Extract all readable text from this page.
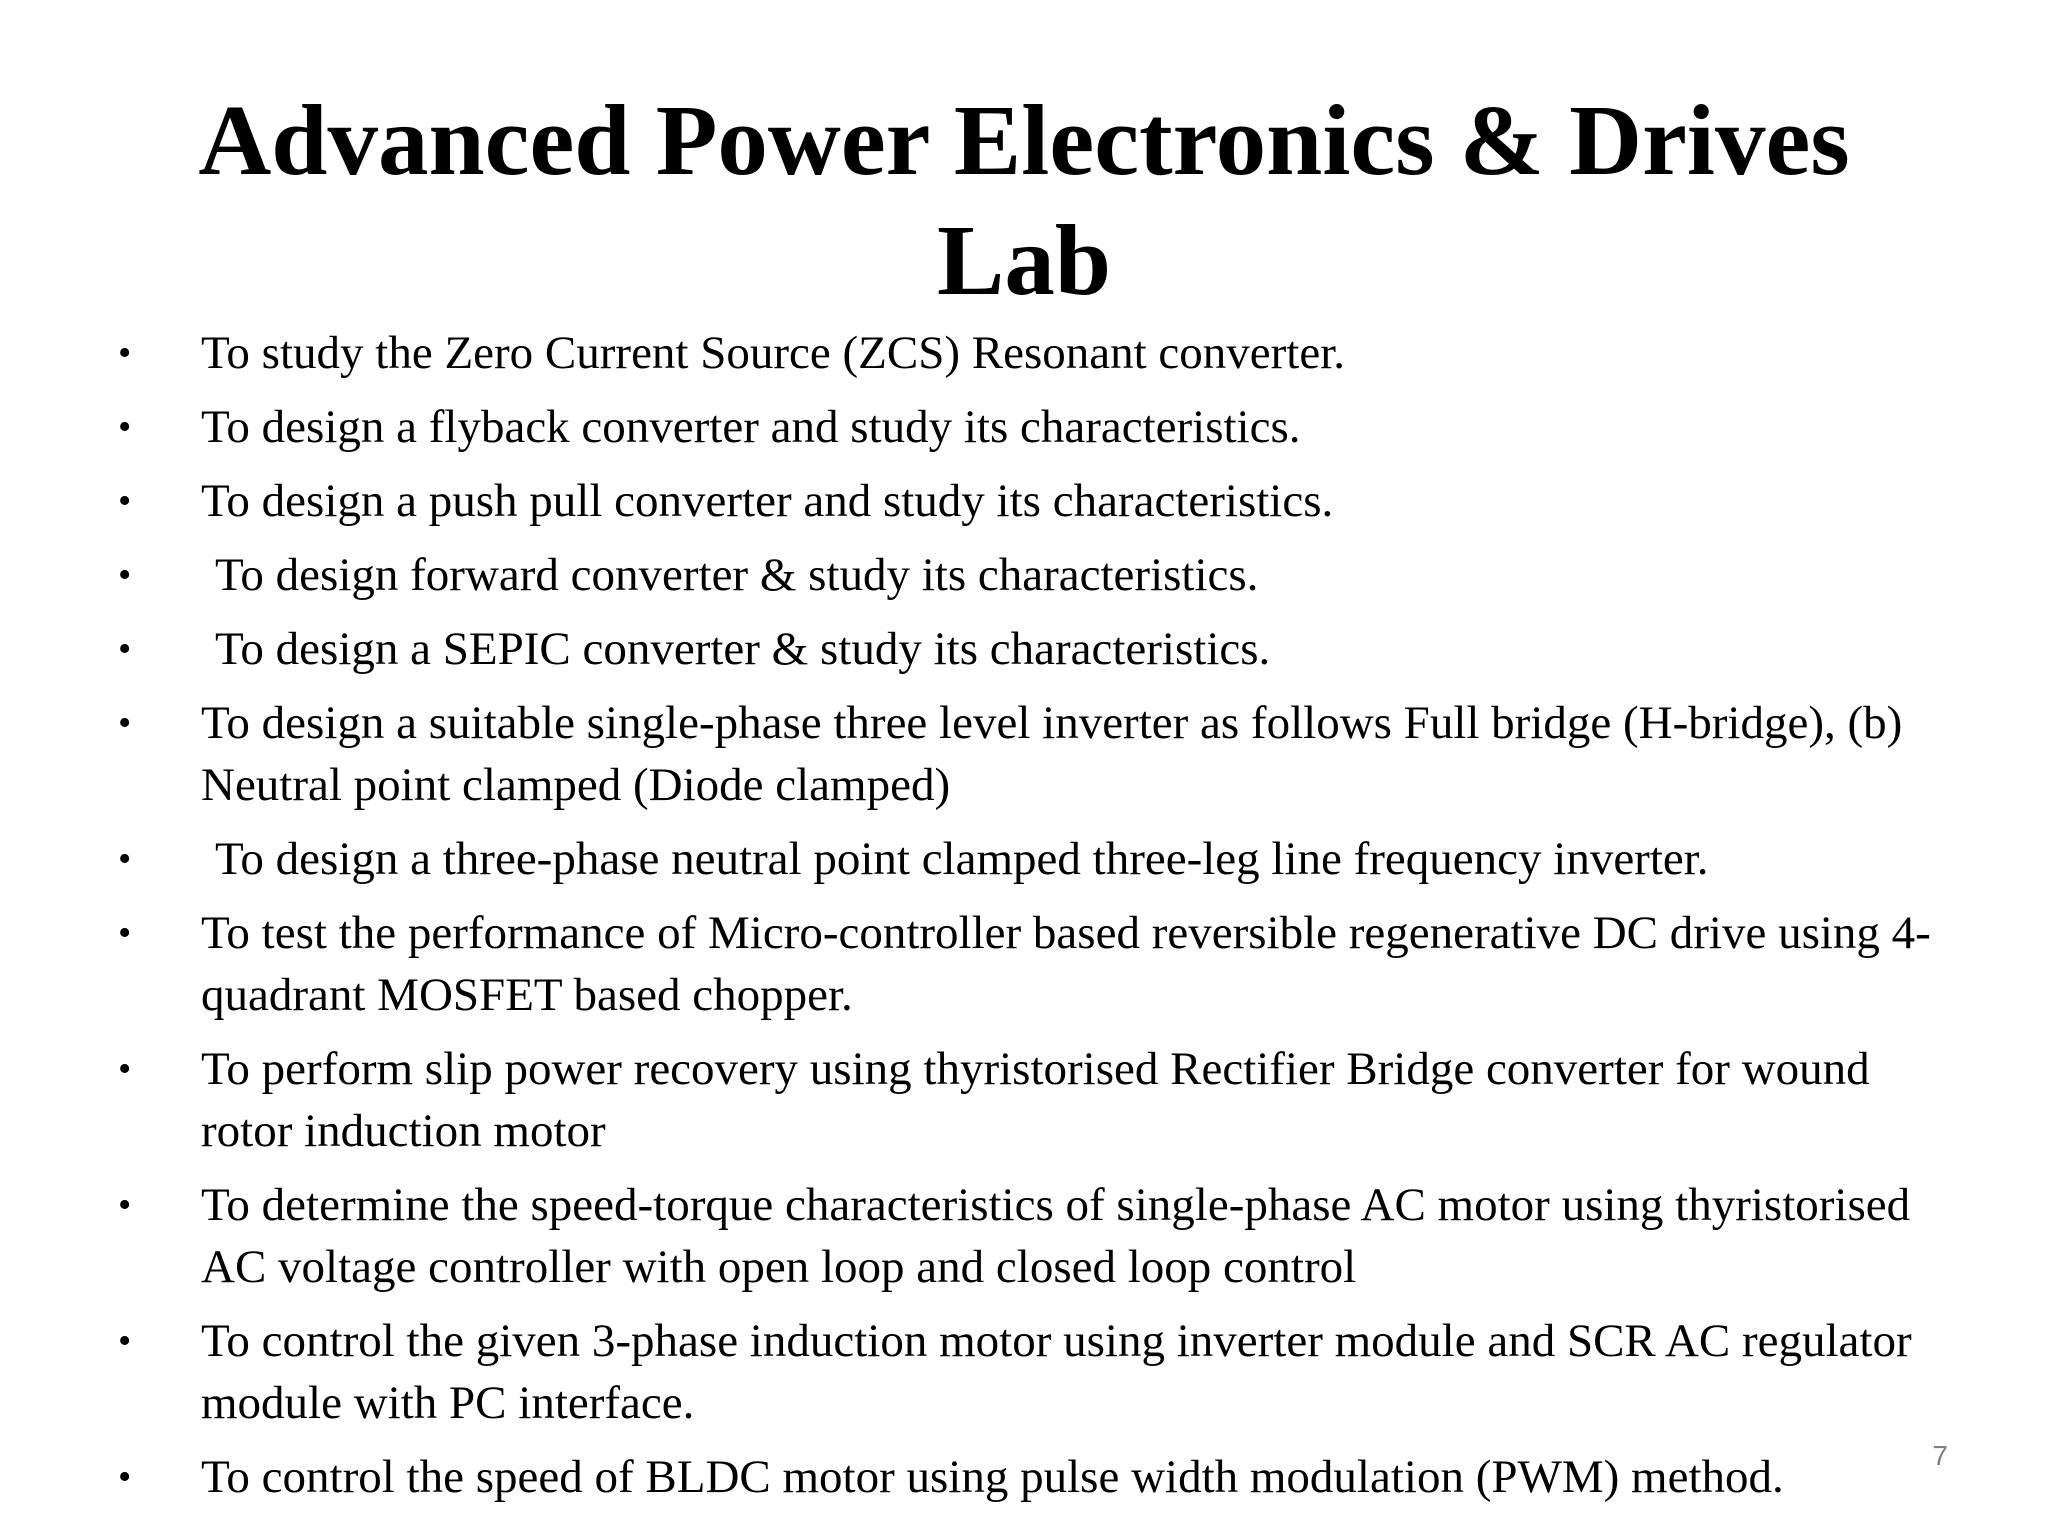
Advanced Power Electronics & Drives
Lab
• To study the Zero Current Source (ZCS) Resonant converter.
• To design a flyback converter and study its characteristics.
• To design a push pull converter and study its characteristics.
• To design forward converter & study its characteristics.
• To design a SEPIC converter & study its characteristics.
• To design a suitable single-phase three level inverter as follows Full bridge (H-bridge), (b) Neutral point clamped (Diode clamped)
• To design a three-phase neutral point clamped three-leg line frequency inverter.
• To test the performance of Micro-controller based reversible regenerative DC drive using 4-quadrant MOSFET based chopper.
• To perform slip power recovery using thyristorised Rectifier Bridge converter for wound rotor induction motor
• To determine the speed-torque characteristics of single-phase AC motor using thyristorised AC voltage controller with open loop and closed loop control
• To control the given 3-phase induction motor using inverter module and SCR AC regulator module with PC interface.
• To control the speed of BLDC motor using pulse width modulation (PWM) method.	7
